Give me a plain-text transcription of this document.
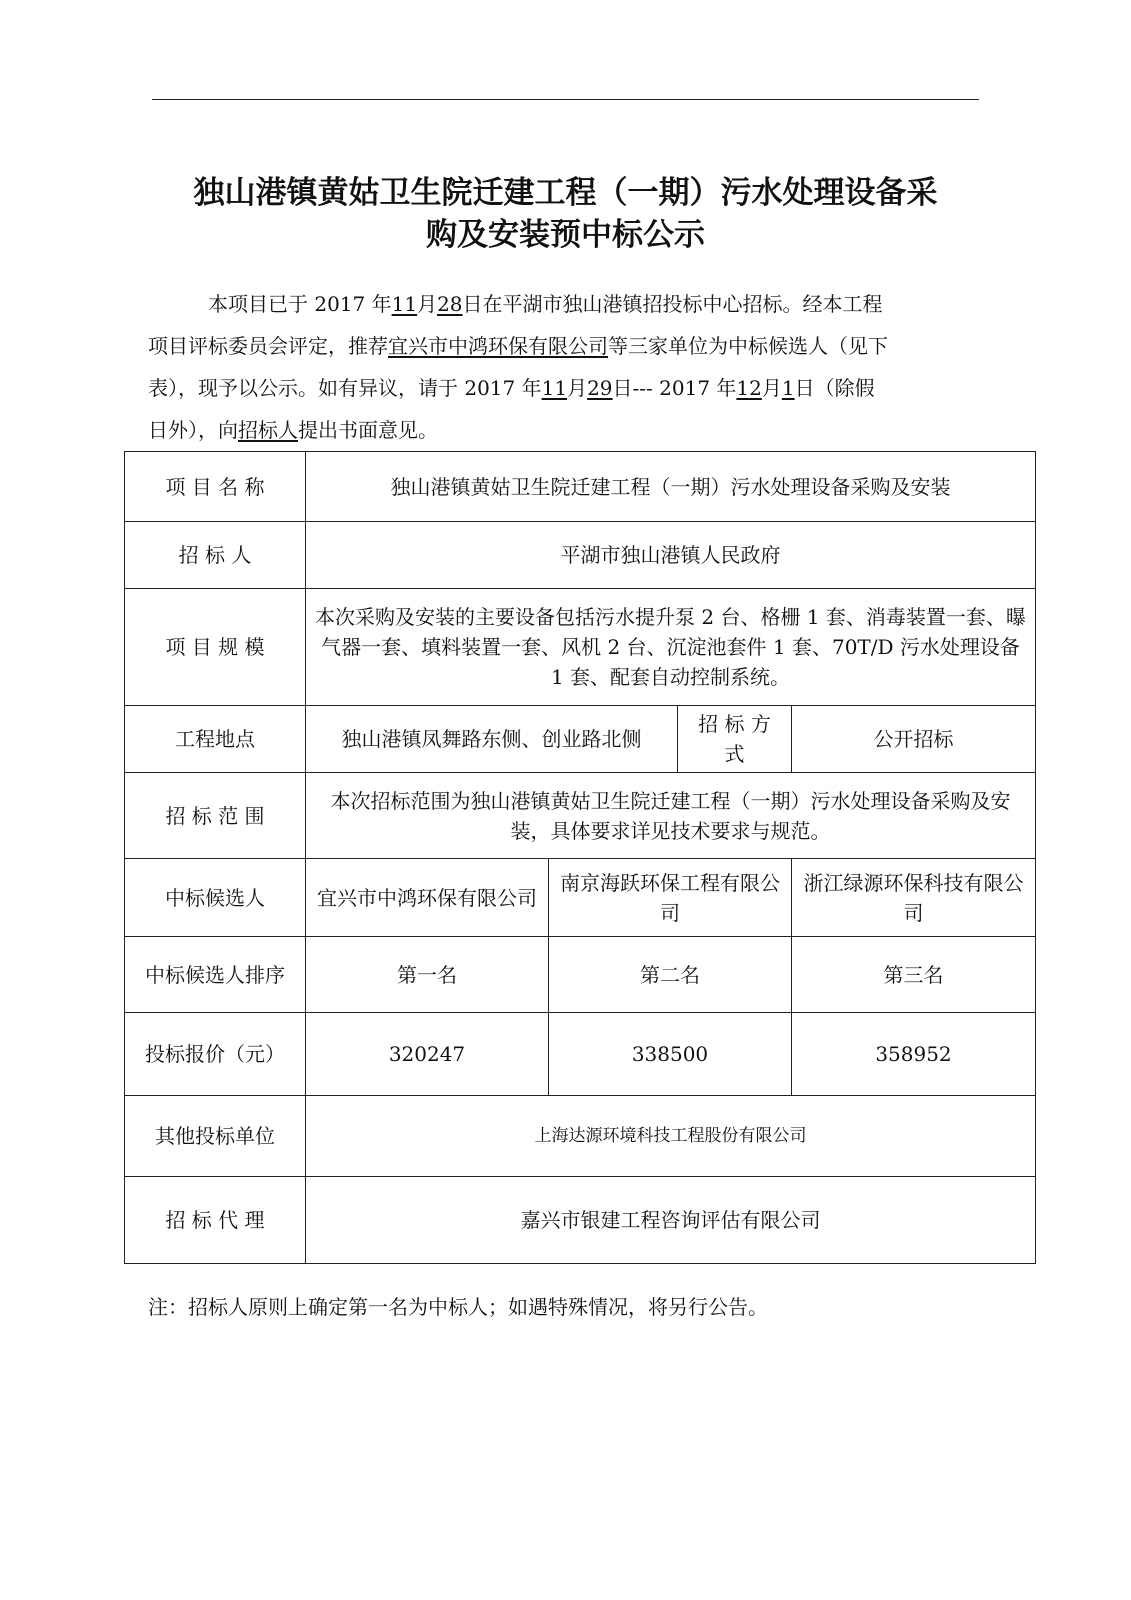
独山港镇黄姑卫生院迁建工程（一期）污水处理设备采
购及安装预中标公示
本项目已于 2017 年11月28日在平湖市独山港镇招投标中心招标。经本工程
项目评标委员会评定，推荐宜兴市中鸿环保有限公司等三家单位为中标候选人（见下
表），现予以公示。如有异议，请于 2017 年11月29日--- 2017 年12月1日（除假
日外），向招标人提出书面意见。
项 目 名 称	独山港镇黄姑卫生院迁建工程（一期）污水处理设备采购及安装			
招 标 人	平湖市独山港镇人民政府			
项 目 规 模	本次采购及安装的主要设备包括污水提升泵 2 台、格栅 1 套、消毒装置一套、曝气器一套、填料装置一套、风机 2 台、沉淀池套件 1 套、70T/D 污水处理设备 1 套、配套自动控制系统。			
工程地点	独山港镇凤舞路东侧、创业路北侧		招 标 方 式	公开招标
招 标 范 围	本次招标范围为独山港镇黄姑卫生院迁建工程（一期）污水处理设备采购及安装，具体要求详见技术要求与规范。			
中标候选人	宜兴市中鸿环保有限公司	南京海跃环保工程有限公司		浙江绿源环保科技有限公司
中标候选人排序	第一名	第二名		第三名
投标报价（元）	320247	338500		358952
其他投标单位	上海达源环境科技工程股份有限公司			
招 标 代 理	嘉兴市银建工程咨询评估有限公司			
注：招标人原则上确定第一名为中标人；如遇特殊情况，将另行公告。
